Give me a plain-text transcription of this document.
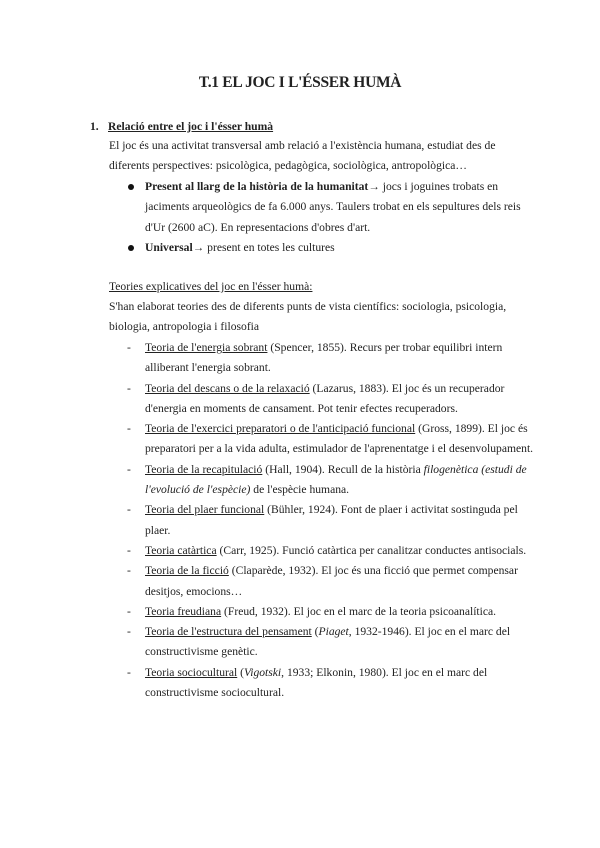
T.1 EL JOC I L'ÉSSER HUMÀ
1. Relació entre el joc i l'ésser humà
El joc és una activitat transversal amb relació a l'existència humana, estudiat des de diferents perspectives: psicològica, pedagògica, sociològica, antropològica…
Present al llarg de la història de la humanitat→ jocs i joguines trobats en jaciments arqueològics de fa 6.000 anys. Taulers trobat en els sepultures dels reis d'Ur (2600 aC). En representacions d'obres d'art.
Universal→ present en totes les cultures
Teories explicatives del joc en l'ésser humà:
S'han elaborat teories des de diferents punts de vista científics: sociologia, psicologia, biologia, antropologia i filosofia
- Teoria de l'energia sobrant (Spencer, 1855). Recurs per trobar equilibri intern alliberant l'energia sobrant.
- Teoria del descans o de la relaxació (Lazarus, 1883). El joc és un recuperador d'energia en moments de cansament. Pot tenir efectes recuperadors.
- Teoria de l'exercici preparatori o de l'anticipació funcional (Gross, 1899). El joc és preparatori per a la vida adulta, estimulador de l'aprenentatge i el desenvolupament.
- Teoria de la recapitulació (Hall, 1904). Recull de la història filogenètica (estudi de l'evolució de l'espècie) de l'espècie humana.
- Teoria del plaer funcional (Bühler, 1924). Font de plaer i activitat sostinguda pel plaer.
- Teoria catàrtica (Carr, 1925). Funció catàrtica per canalitzar conductes antisocials.
- Teoria de la ficció (Claparède, 1932). El joc és una ficció que permet compensar desitjos, emocions…
- Teoria freudiana (Freud, 1932). El joc en el marc de la teoria psicoanalítica.
- Teoria de l'estructura del pensament (Piaget, 1932-1946). El joc en el marc del constructivisme genètic.
- Teoria sociocultural (Vigotski, 1933; Elkonin, 1980). El joc en el marc del constructivisme sociocultural.
